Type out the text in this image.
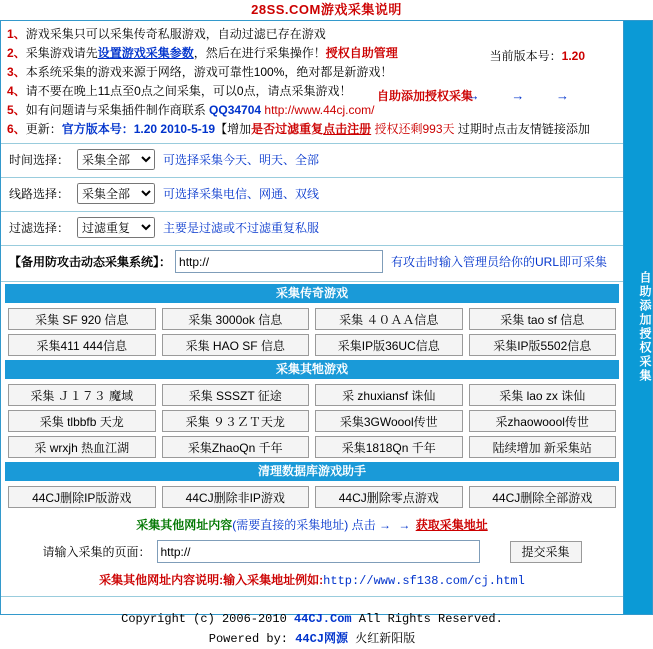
28SS.COM游戏采集说明
自助添加授权采集
1、游戏采集只可以采集传奇私服游戏，自动过滤已存在游戏
2、采集游戏请先设置游戏采集参数，然后在进行采集操作！授权自助管理
3、本系统采集的游戏来源于网络，游戏可靠性100%，绝对都是新游戏！
4、请不要在晚上11点至0点之间采集，可以0点，请点采集游戏！
5、如有问题请与采集插件制作商联系 QQ34704 http://www.44cj.com/
6、更新：官方版本号：1.20 2010-5-19【增加是否过滤重复点击注册 授权还剩993天 过期时点击友情链接添加
当前版本号：1.20
自助添加授权采集
→ → →
时间选择：
采集全部	可选择采集今天、明天、全部
线路选择：
采集全部	可选择采集电信、网通、双线
过滤选择：
过滤重复	主要是过滤或不过滤重复私服
【备用防攻击动态采集系统】：
http://	有攻击时输入管理员给你的URL即可采集
采集传奇游戏
采集 SF 920 信息	采集 3000ok 信息	采集 ４０ＡＡ信息	采集 tao sf 信息
采集411 444信息	采集 HAO SF 信息	采集IP版36UC信息	采集IP版5502信息
采集其牠游戏
采集 Ｊ１７３ 魔域	采集 SSSZT 征途	采 zhuxiansf 诛仙	采集 lao zx 诛仙
采集 tlbbfb 天龙	采集 ９３ＺＴ天龙	采集3GWoool传世	采zhaowoool传世
采 wrxjh 热血江湖	采集ZhaoQn 千年	采集1818Qn 千年	陆续增加 新采集站
清理数据库游戏助手
44CJ删除IP版游戏	44CJ删除非IP游戏	44CJ删除零点游戏	44CJ删除全部游戏
采集其他网址内容(需要直接的采集地址) 点击 → → 获取采集地址
请输入采集的页面：
http://	提交采集
采集其他网址内容说明:输入采集地址例如:http://www.sf138.com/cj.html
Copyright (c) 2006-2010 44CJ.Com All Rights Reserved.
Powered by: 44CJ网源 火红新阳版
